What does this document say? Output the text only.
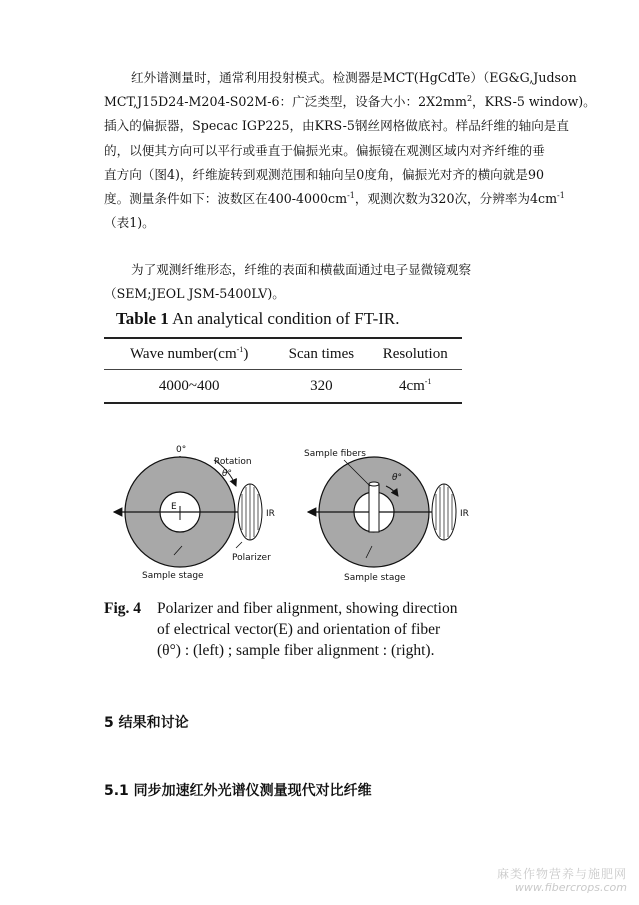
红外谱测量时，通常利用投射模式。检测器是MCT(HgCdTe）（EG&G,Judson
MCT,J15D24-M204-S02M-6：广泛类型，设备大小：$2X2mm^2$，KRS-5 window)。
插入的偏振器，Specac IGP225，由KRS-5钢丝网格做底衬。样品纤维的轴向是直
的，以便其方向可以平行或垂直于偏振光束。偏振镜在观测区域内对齐纤维的垂
直方向（图4)，纤维旋转到观测范围和轴向呈0度角，偏振光对齐的横向就是90
度。测量条件如下：波数区在$400-4000cm^{-1}$，观测次数为320次，分辨率为$4cm^{-1}$
（表1)。

为了观测纤维形态，纤维的表面和横截面通过电子显微镜观察
（SEM;JEOL JSM-5400LV)。

Table 1 An analytical condition of FT-IR.
Wave $number(cm^{-1})$	Scan times	Resolution
4000~400	320	$4cm^{-1}$
0°
Rotation
θ°
E
IR
Polarizer
Sample stage
Sample fibers
θ°
IR
Sample stage
Fig. 4 Polarizer and fiber alignment, showing direction
of electrical vector(E) and orientation of fiber
(θ°) : (left) ; sample fiber alignment : (right).
5 结果和讨论
5.1 同步加速红外光谱仪测量现代对比纤维
麻类作物营养与施肥网
www.fibercrops.com
